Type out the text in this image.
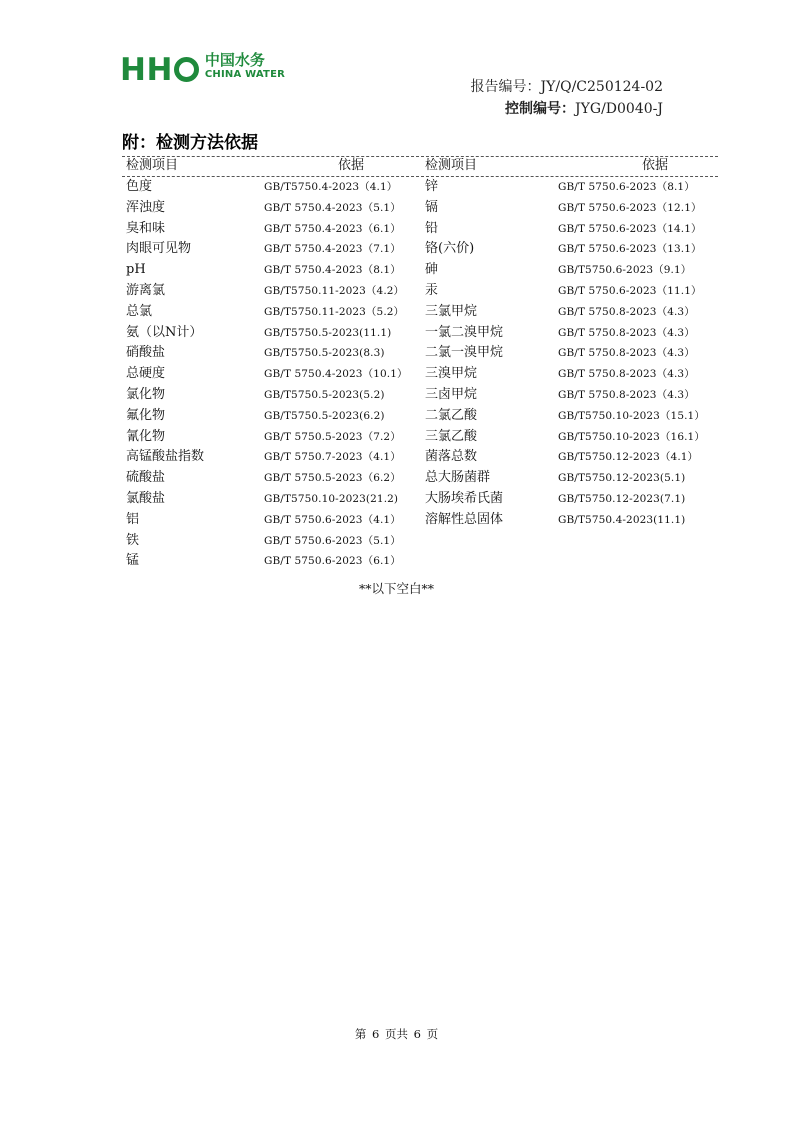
HH	中国水务
CHINA WATER
报告编号：JY/Q/C250124-02
控制编号：JYG/D0040-J
附：检测方法依据
检测项目	依据	检测项目	依据
色度	GB/T5750.4-2023（4.1） 锌	GB/T 5750.6-2023（8.1）
浑浊度	GB/T 5750.4-2023（5.1） 镉	GB/T 5750.6-2023（12.1）
臭和味	GB/T 5750.4-2023（6.1） 铅	GB/T 5750.6-2023（14.1）
肉眼可见物	GB/T 5750.4-2023（7.1） 铬(六价)	GB/T 5750.6-2023（13.1）
pH	GB/T 5750.4-2023（8.1） 砷	GB/T5750.6-2023（9.1）
游离氯	GB/T5750.11-2023（4.2） 汞	GB/T 5750.6-2023（11.1）
总氯	GB/T5750.11-2023（5.2） 三氯甲烷	GB/T 5750.8-2023（4.3）
氨（以N计）	GB/T5750.5-2023(11.1)	一氯二溴甲烷	GB/T 5750.8-2023（4.3）
硝酸盐	GB/T5750.5-2023(8.3)	二氯一溴甲烷	GB/T 5750.8-2023（4.3）
总硬度	GB/T 5750.4-2023（10.1） 三溴甲烷	GB/T 5750.8-2023（4.3）
氯化物	GB/T5750.5-2023(5.2)	三卤甲烷	GB/T 5750.8-2023（4.3）
氟化物	GB/T5750.5-2023(6.2)	二氯乙酸	GB/T5750.10-2023（15.1）
氰化物	GB/T 5750.5-2023（7.2） 三氯乙酸	GB/T5750.10-2023（16.1）
高锰酸盐指数	GB/T 5750.7-2023（4.1） 菌落总数	GB/T5750.12-2023（4.1）
硫酸盐	GB/T 5750.5-2023（6.2） 总大肠菌群	GB/T5750.12-2023(5.1)
氯酸盐	GB/T5750.10-2023(21.2) 大肠埃希氏菌	GB/T5750.12-2023(7.1)
铝	GB/T 5750.6-2023（4.1） 溶解性总固体	GB/T5750.4-2023(11.1)
铁	GB/T 5750.6-2023（5.1）
锰	GB/T 5750.6-2023（6.1）
**以下空白**
第 6 页共 6 页
